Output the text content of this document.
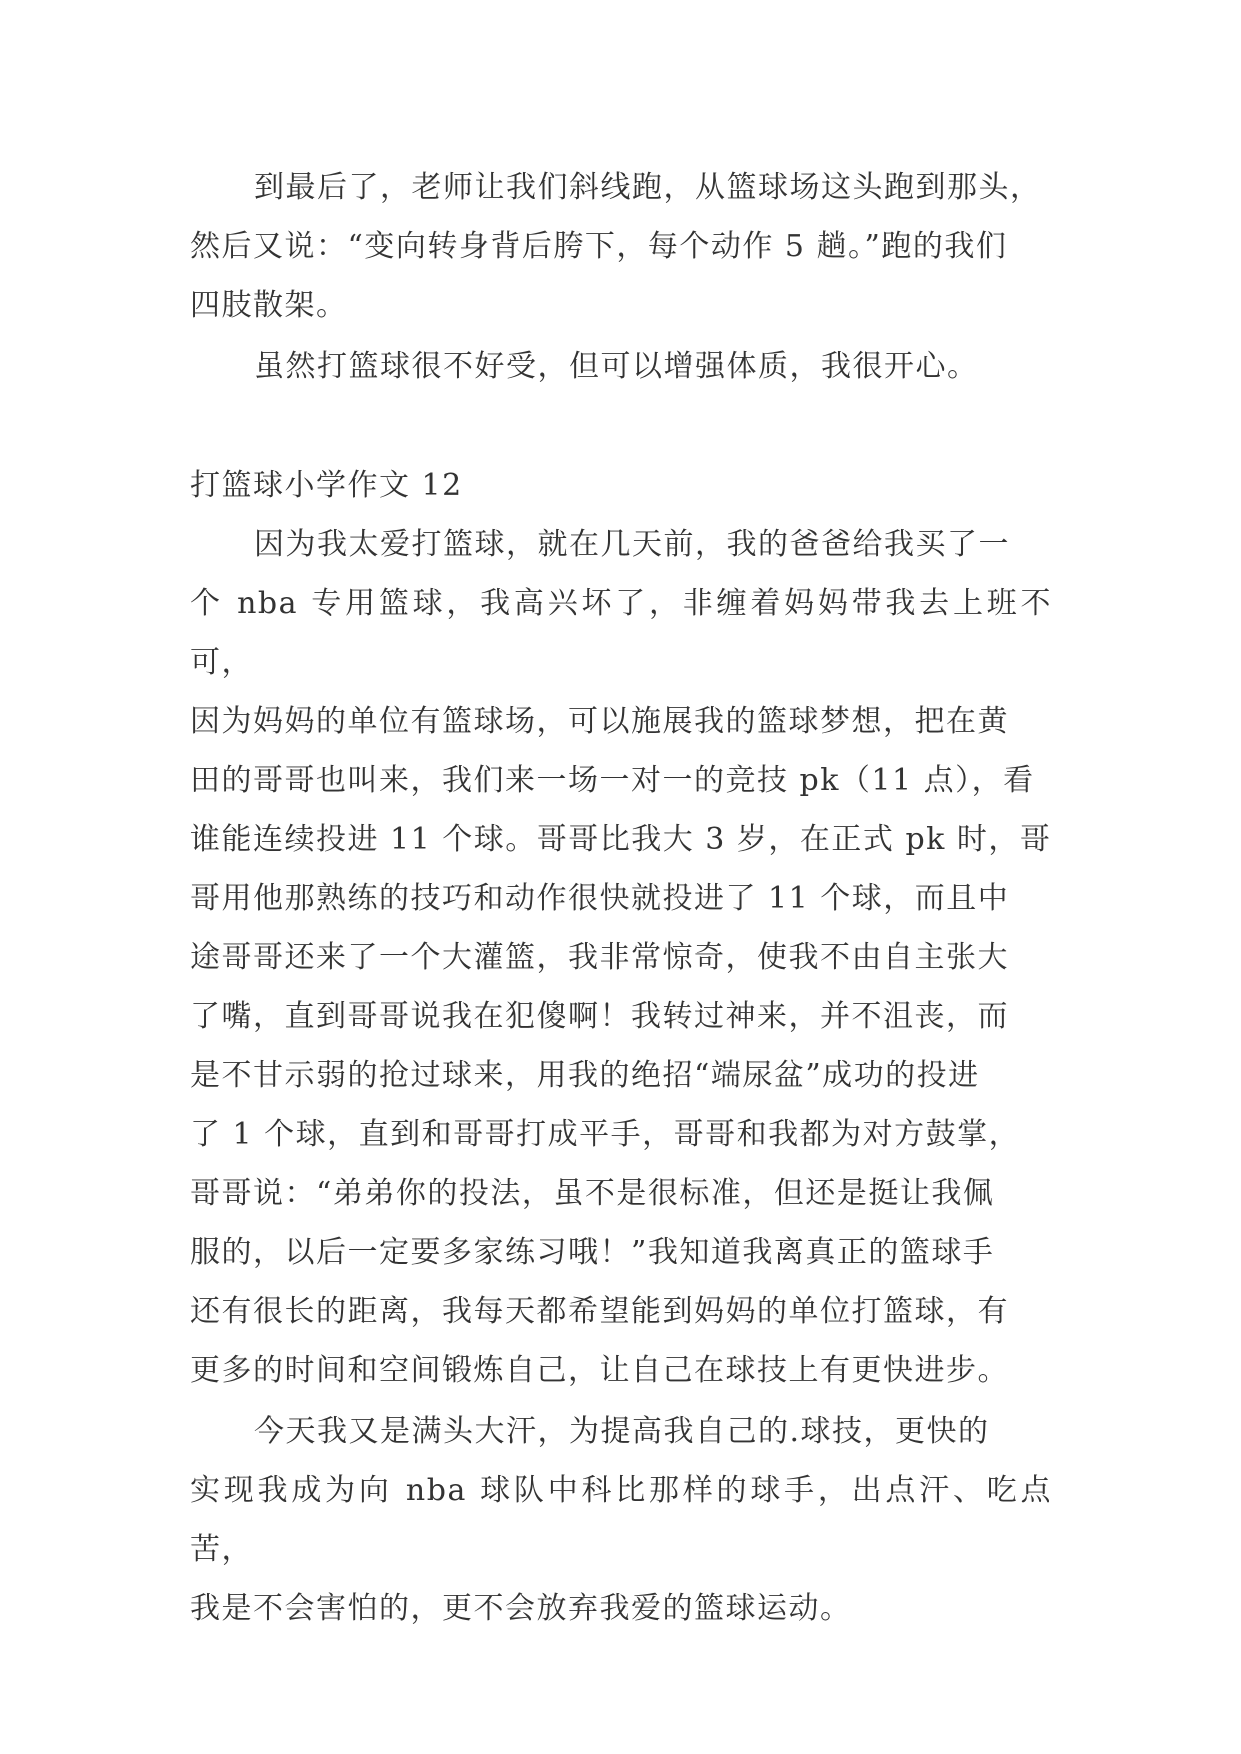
到最后了，老师让我们斜线跑，从篮球场这头跑到那头，
然后又说：“变向转身背后胯下，每个动作 5 趟。”跑的我们
四肢散架。

虽然打篮球很不好受，但可以增强体质，我很开心。

打篮球小学作文 12

因为我太爱打篮球，就在几天前，我的爸爸给我买了一
个 nba 专用篮球，我高兴坏了，非缠着妈妈带我去上班不可，
因为妈妈的单位有篮球场，可以施展我的篮球梦想，把在黄
田的哥哥也叫来，我们来一场一对一的竞技 pk（11 点），看
谁能连续投进 11 个球。哥哥比我大 3 岁，在正式 pk 时，哥
哥用他那熟练的技巧和动作很快就投进了 11 个球，而且中
途哥哥还来了一个大灌篮，我非常惊奇，使我不由自主张大
了嘴，直到哥哥说我在犯傻啊！我转过神来，并不沮丧，而
是不甘示弱的抢过球来，用我的绝招“端尿盆”成功的投进
了 1 个球，直到和哥哥打成平手，哥哥和我都为对方鼓掌，
哥哥说：“弟弟你的投法，虽不是很标准，但还是挺让我佩
服的，以后一定要多家练习哦！”我知道我离真正的篮球手
还有很长的距离，我每天都希望能到妈妈的单位打篮球，有
更多的时间和空间锻炼自己，让自己在球技上有更快进步。

今天我又是满头大汗，为提高我自己的.球技，更快的
实现我成为向 nba 球队中科比那样的球手，出点汗、吃点苦，
我是不会害怕的，更不会放弃我爱的篮球运动。
